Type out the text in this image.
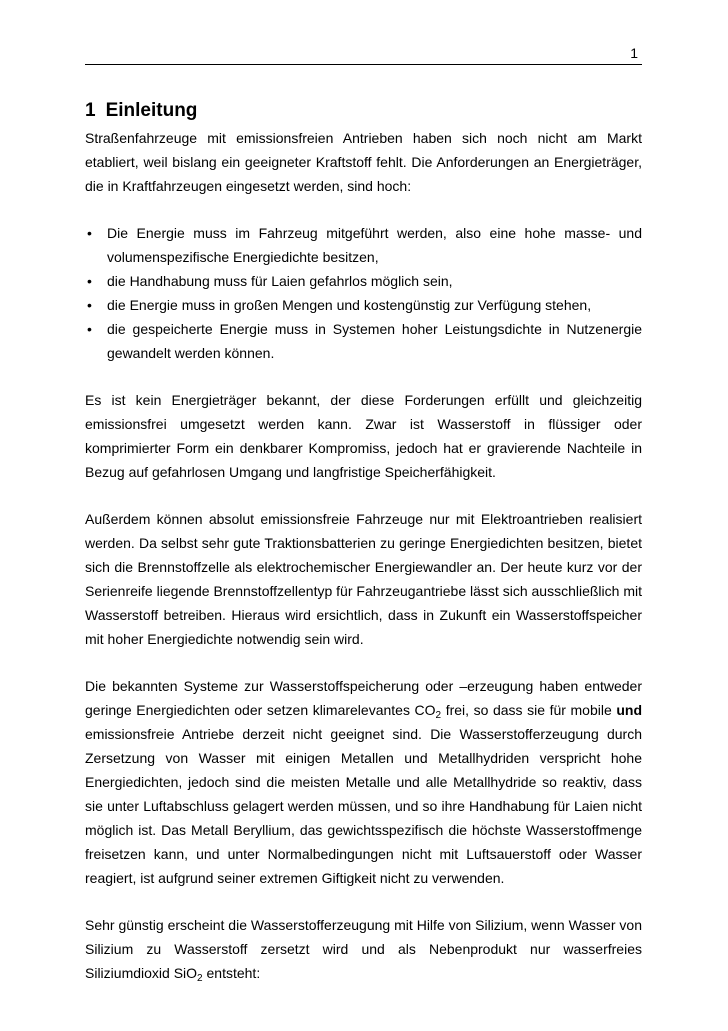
1
1 Einleitung

Straßenfahrzeuge mit emissionsfreien Antrieben haben sich noch nicht am Markt etabliert, weil bislang ein geeigneter Kraftstoff fehlt. Die Anforderungen an Energieträger, die in Kraftfahrzeugen eingesetzt werden, sind hoch:

• Die Energie muss im Fahrzeug mitgeführt werden, also eine hohe masse- und volumenspezifische Energiedichte besitzen,
• die Handhabung muss für Laien gefahrlos möglich sein,
• die Energie muss in großen Mengen und kostengünstig zur Verfügung stehen,
• die gespeicherte Energie muss in Systemen hoher Leistungsdichte in Nutzenergie gewandelt werden können.

Es ist kein Energieträger bekannt, der diese Forderungen erfüllt und gleichzeitig emissionsfrei umgesetzt werden kann. Zwar ist Wasserstoff in flüssiger oder komprimierter Form ein denkbarer Kompromiss, jedoch hat er gravierende Nachteile in Bezug auf gefahrlosen Umgang und langfristige Speicherfähigkeit.

Außerdem können absolut emissionsfreie Fahrzeuge nur mit Elektroantrieben realisiert werden. Da selbst sehr gute Traktionsbatterien zu geringe Energiedichten besitzen, bietet sich die Brennstoffzelle als elektrochemischer Energiewandler an. Der heute kurz vor der Serienreife liegende Brennstoffzellentyp für Fahrzeugantriebe lässt sich ausschließlich mit Wasserstoff betreiben. Hieraus wird ersichtlich, dass in Zukunft ein Wasserstoffspeicher mit hoher Energiedichte notwendig sein wird.

Die bekannten Systeme zur Wasserstoffspeicherung oder –erzeugung haben entweder geringe Energiedichten oder setzen klimarelevantes $CO_2$ frei, so dass sie für mobile und emissionsfreie Antriebe derzeit nicht geeignet sind. Die Wasserstofferzeugung durch Zersetzung von Wasser mit einigen Metallen und Metallhydriden verspricht hohe Energiedichten, jedoch sind die meisten Metalle und alle Metallhydride so reaktiv, dass sie unter Luftabschluss gelagert werden müssen, und so ihre Handhabung für Laien nicht möglich ist. Das Metall Beryllium, das gewichtsspezifisch die höchste Wasserstoffmenge freisetzen kann, und unter Normalbedingungen nicht mit Luftsauerstoff oder Wasser reagiert, ist aufgrund seiner extremen Giftigkeit nicht zu verwenden.

Sehr günstig erscheint die Wasserstofferzeugung mit Hilfe von Silizium, wenn Wasser von Silizium zu Wasserstoff zersetzt wird und als Nebenprodukt nur wasserfreies Siliziumdioxid SiO$_2$ entsteht:
